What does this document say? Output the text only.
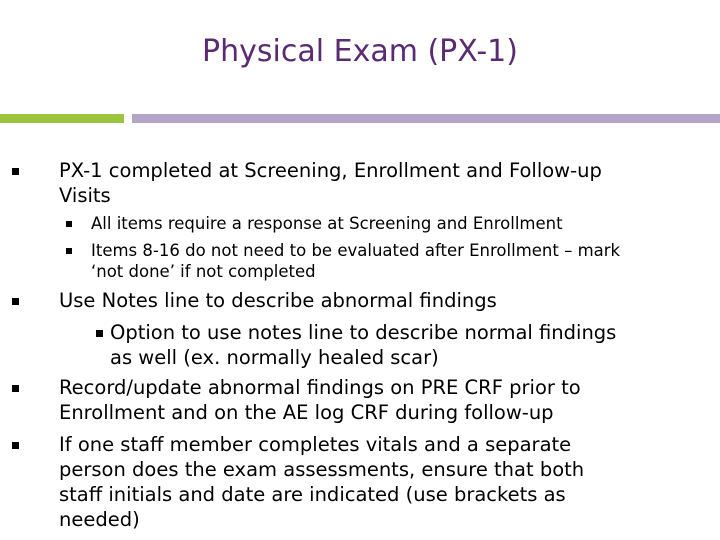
Physical Exam (PX-1)
PX-1 completed at Screening, Enrollment and Follow-up
Visits
All items require a response at Screening and Enrollment
Items 8-16 do not need to be evaluated after Enrollment – mark
‘not done’ if not completed
Use Notes line to describe abnormal findings
Option to use notes line to describe normal findings
as well (ex. normally healed scar)
Record/update abnormal findings on PRE CRF prior to
Enrollment and on the AE log CRF during follow-up
If one staff member completes vitals and a separate
person does the exam assessments, ensure that both
staff initials and date are indicated (use brackets as
needed)
